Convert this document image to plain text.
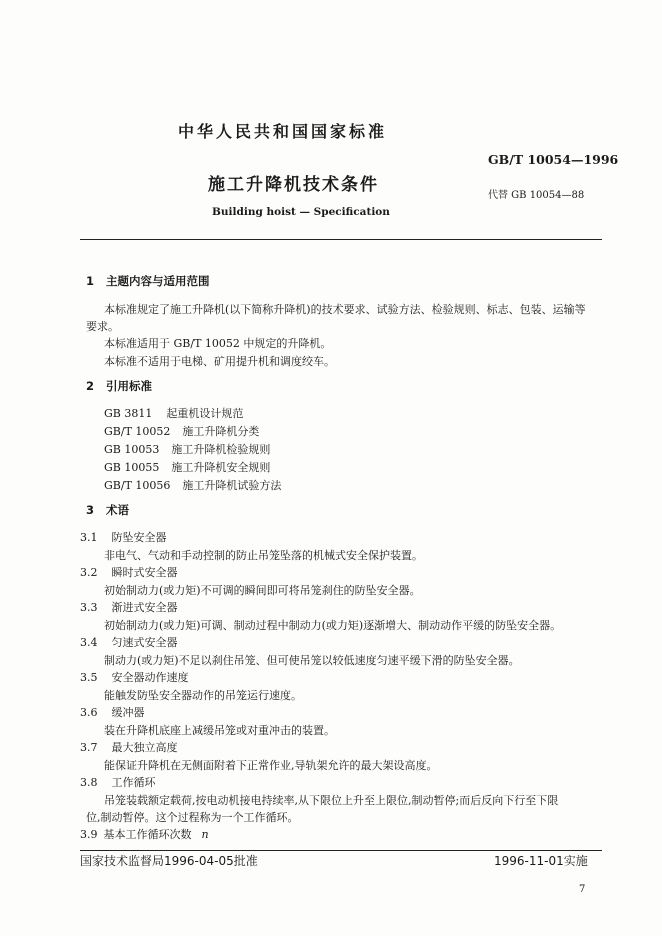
中华人民共和国国家标准
GB/T 10054—1996
施工升降机技术条件
代替 GB 10054—88
Building hoist — Specification
1 主题内容与适用范围
本标准规定了施工升降机(以下简称升降机)的技术要求、试验方法、检验规则、标志、包装、运输等
要求。
本标准适用于 GB/T 10052 中规定的升降机。
本标准不适用于电梯、矿用提升机和调度绞车。
2 引用标准
GB 3811 起重机设计规范
GB/T 10052 施工升降机分类
GB 10053 施工升降机检验规则
GB 10055 施工升降机安全规则
GB/T 10056 施工升降机试验方法
3 术语
3.1 防坠安全器
非电气、气动和手动控制的防止吊笼坠落的机械式安全保护装置。
3.2 瞬时式安全器
初始制动力(或力矩)不可调的瞬间即可将吊笼刹住的防坠安全器。
3.3 渐进式安全器
初始制动力(或力矩)可调、制动过程中制动力(或力矩)逐渐增大、制动动作平缓的防坠安全器。
3.4 匀速式安全器
制动力(或力矩)不足以刹住吊笼、但可使吊笼以较低速度匀速平缓下滑的防坠安全器。
3.5 安全器动作速度
能触发防坠安全器动作的吊笼运行速度。
3.6 缓冲器
装在升降机底座上减缓吊笼或对重冲击的装置。
3.7 最大独立高度
能保证升降机在无侧面附着下正常作业,导轨架允许的最大架设高度。
3.8 工作循环
吊笼装载额定载荷,按电动机接电持续率,从下限位上升至上限位,制动暂停;而后反向下行至下限
位,制动暂停。这个过程称为一个工作循环。
3.9 基本工作循环次数 n
国家技术监督局1996-04-05批准	1996-11-01实施
7
